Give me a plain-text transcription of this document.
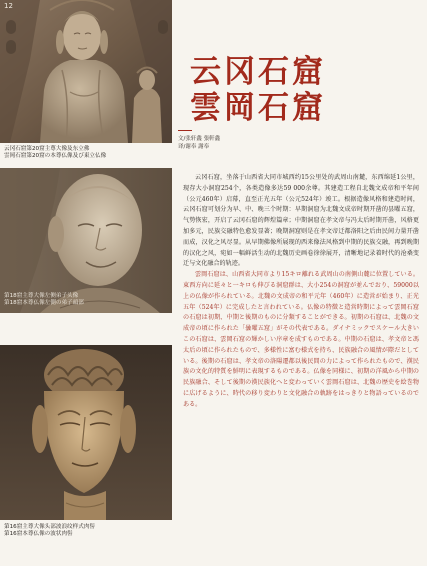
12
云冈石窟第20窟主尊大像及东立佛
雲岡石窟第20窟の本尊仏像及び東立仏像
第18窟主尊大像左侧弟子头像
第18窟本尊仏像左側の弟子頭部
第16窟主尊大像头部波浪纹样式肉髻
第16窟本尊仏像の波状肉髻
云冈石窟
雲岡石窟
文/张轩鑫 張軒鑫
译/谢奉 謝奉

云冈石窟，坐落于山西省大同市城西约15公里处的武周山南麓，东西绵延1公里，现存大小洞窟254个，各类造像多达59 000余尊。其建造工程自北魏文成帝和平年间（公元460年）启幕，直至正光五年（公元524年）竣工。根据造像风格和建造时间，云冈石窟可划分为早、中、晚三个时期：早期洞窟为北魏文成帝时期开凿的昙曜五窟，气势恢宏，开启了云冈石窟的辉煌篇章；中期洞窟在孝文帝与冯太后时期开凿，风格更加多元，民族交融特色愈发显著；晚期洞窟则是在孝文帝迁都洛阳之后由民间力量开凿而成，汉化之风尽显。从早期佛像所展现的西来像法风格到中期的民族交融，再到晚期的汉化之风，宛如一幅鲜活生动的北魏历史画卷徐徐展开，清晰地记录着时代的沧桑变迁与文化融合的轨迹。

雲岡石窟は、山西省大同市より15キロ離れる武周山の南側山麓に位置している。東西方向に延々と一キロも伸びる洞窟群は、大小254の洞窟が並んでおり、59000以上の仏像が作られている。北魏の文成帝の和平元年（460年）に造営が始まり、正光五年（524年）に完成したと言われている。仏像の特徴と造営時期によって雲岡石窟の石窟は初期、中期と後期のものに分類することができる。初期の石窟は、北魏の文成帝の頃に作られた「曇曜五窟」がその代表である。ダイナミックでスケール大きいこの石窟は、雲岡石窟の輝かしい序章を成すものである。中期の石窟は、孝文帝と馮太后の頃に作られたもので、多様性に富む様式を持ち、民族融合の風情が際だとしている。後期の石窟は、孝文帝の洛陽遷都以後民間の力によって作られたもので、漢民族の文化的特質を鮮明に表現するものである。仏像を同様に、初期の洋風から中期の民族融合、そして後期の漢民族化へと変わっていく雲岡石窟は、北魏の歴史を絵巻物に広げるように、時代の移り変わりと文化融合の軌跡をはっきりと物語っているのである。
